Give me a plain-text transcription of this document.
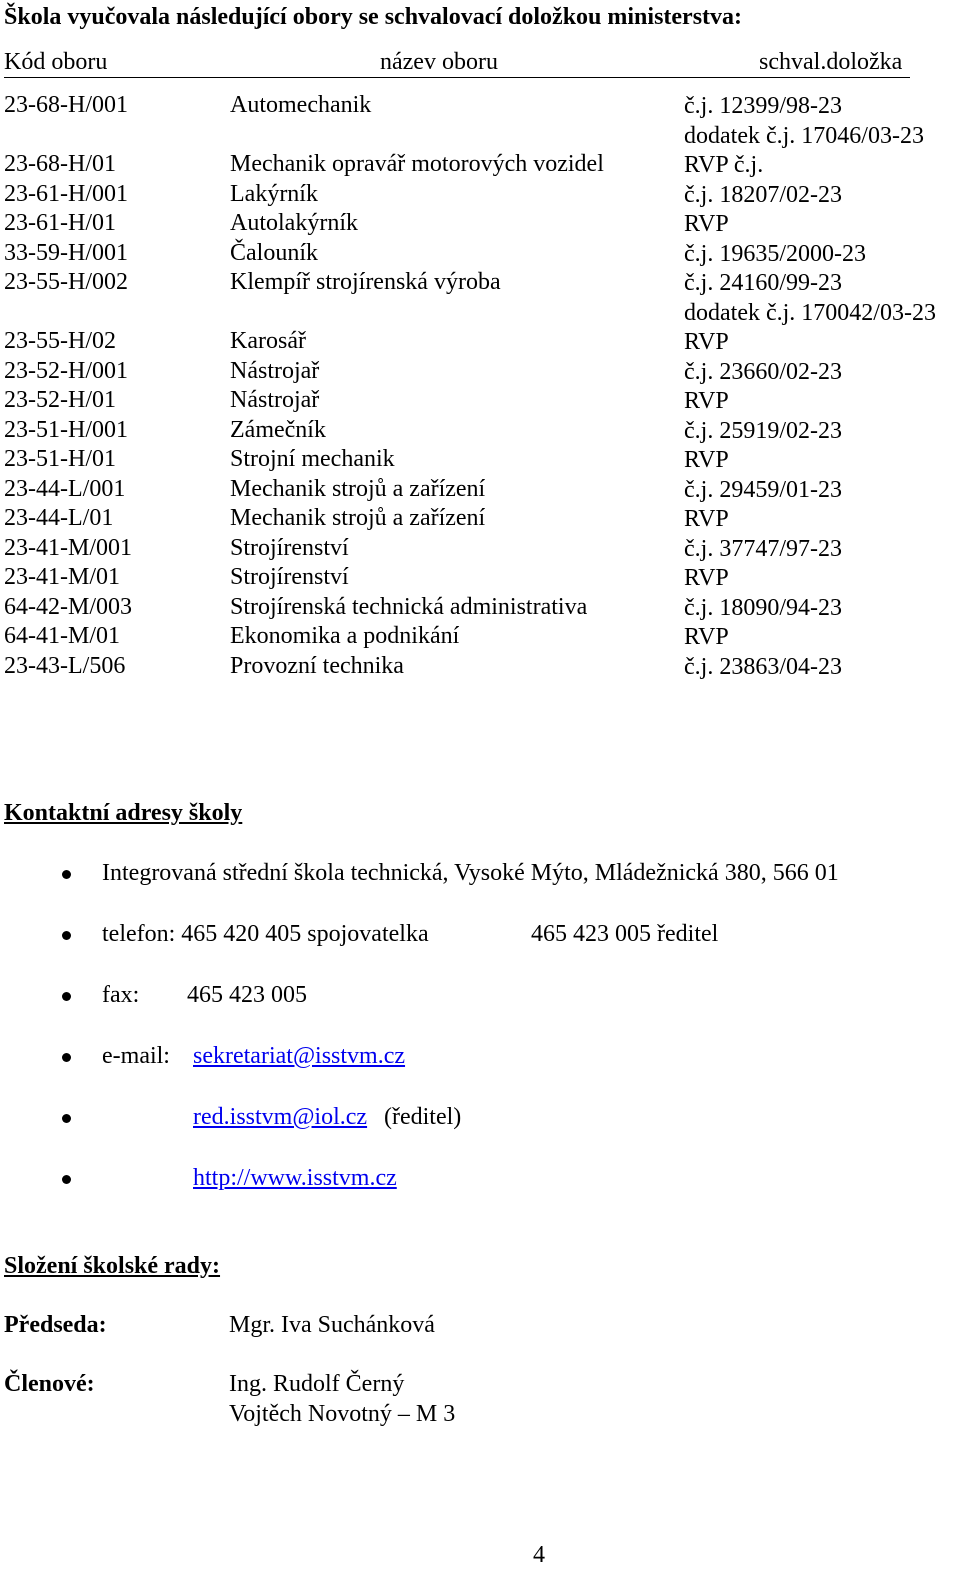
Škola vyučovala následující obory se schvalovací doložkou ministerstva:
Kód oboru	název oboru	schval.doložka
23-68-H/001	Automechanik	č.j. 12399/98-23
dodatek č.j. 17046/03-23
23-68-H/01	Mechanik opravář motorových vozidel	RVP č.j.
23-61-H/001	Lakýrník	č.j. 18207/02-23
23-61-H/01	Autolakýrník	RVP
33-59-H/001	Čalouník	č.j. 19635/2000-23
23-55-H/002	Klempíř strojírenská výroba	č.j. 24160/99-23
dodatek č.j. 170042/03-23
23-55-H/02	Karosář	RVP
23-52-H/001	Nástrojař	č.j. 23660/02-23
23-52-H/01	Nástrojař	RVP
23-51-H/001	Zámečník	č.j. 25919/02-23
23-51-H/01	Strojní mechanik	RVP
23-44-L/001	Mechanik strojů a zařízení	č.j. 29459/01-23
23-44-L/01	Mechanik strojů a zařízení	RVP
23-41-M/001	Strojírenství	č.j. 37747/97-23
23-41-M/01	Strojírenství	RVP
64-42-M/003	Strojírenská technická administrativa	č.j. 18090/94-23
64-41-M/01	Ekonomika a podnikání	RVP
23-43-L/506	Provozní technika	č.j. 23863/04-23
Kontaktní adresy školy
Integrovaná střední škola technická, Vysoké Mýto, Mládežnická 380, 566 01
telefon: 465 420 405 spojovatelka	465 423 005 ředitel
fax: 465 423 005
e-mail: sekretariat@isstvm.cz
red.isstvm@iol.cz (ředitel)
http://www.isstvm.cz
Složení školské rady:
Předseda:	Mgr. Iva Suchánková
Členové:	Ing. Rudolf Černý
Vojtěch Novotný – M 3
4
